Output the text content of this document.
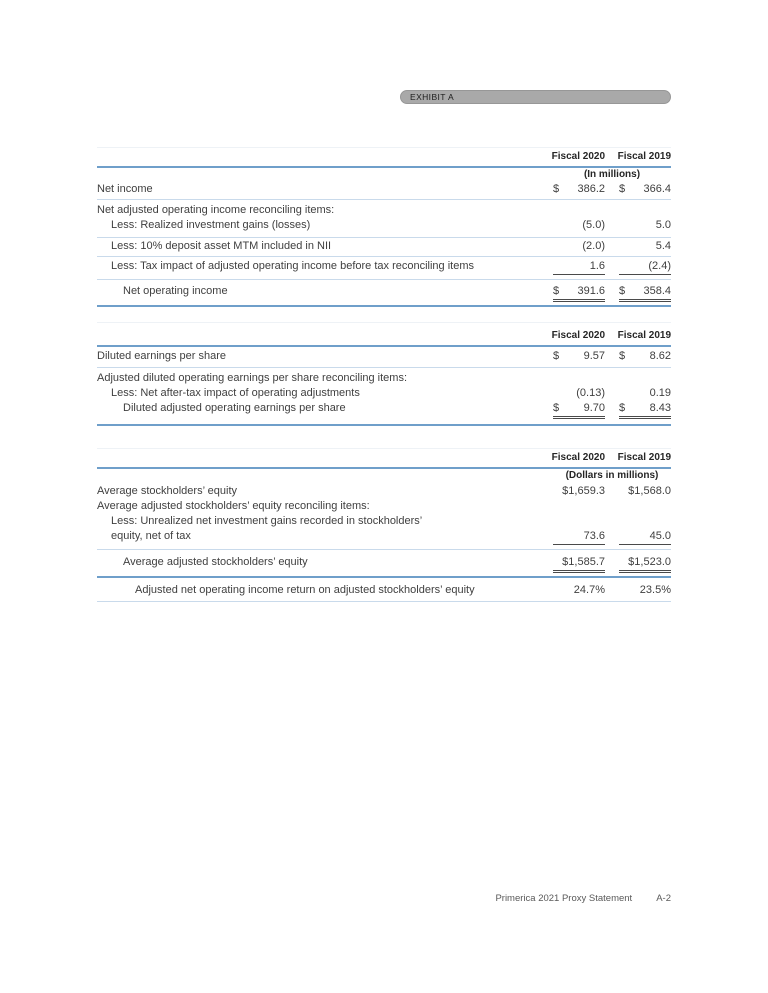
EXHIBIT A
Fiscal 2020 Fiscal 2019
(In millions)
Net income	$ 386.2 $ 366.4
Net adjusted operating income reconciling items:
Less: Realized investment gains (losses)	(5.0)	5.0
Less: 10% deposit asset MTM included in NII	(2.0)	5.4
Less: Tax impact of adjusted operating income before tax reconciling items	1.6	(2.4)
Net operating income	$ 391.6 $ 358.4
Fiscal 2020 Fiscal 2019
Diluted earnings per share	$ 9.57 $ 8.62
Adjusted diluted operating earnings per share reconciling items:
Less: Net after-tax impact of operating adjustments	(0.13)	0.19
Diluted adjusted operating earnings per share	$ 9.70 $ 8.43
Fiscal 2020 Fiscal 2019
(Dollars in millions)
Average stockholders’ equity	$1,659.3 $1,568.0
Average adjusted stockholders’ equity reconciling items:
Less: Unrealized net investment gains recorded in stockholders’
equity, net of tax	73.6	45.0
Average adjusted stockholders’ equity	$1,585.7 $1,523.0
Adjusted net operating income return on adjusted stockholders’ equity	24.7%	23.5%
Primerica 2021 Proxy Statement	A-2
